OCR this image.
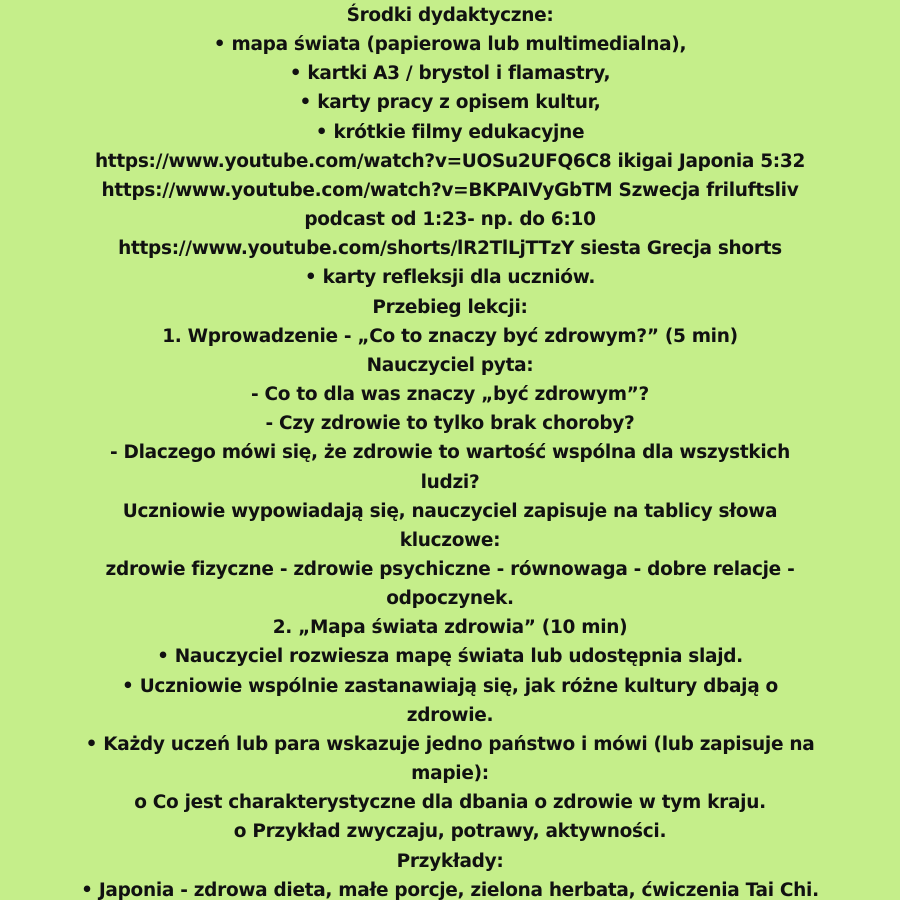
Środki dydaktyczne:
• mapa świata (papierowa lub multimedialna),
• kartki A3 / brystol i flamastry,
• karty pracy z opisem kultur,
• krótkie filmy edukacyjne
https://www.youtube.com/watch?v=UOSu2UFQ6C8 ikigai Japonia 5:32
https://www.youtube.com/watch?v=BKPAIVyGbTM Szwecja friluftsliv
podcast od 1:23- np. do 6:10
https://www.youtube.com/shorts/lR2TlLjTTzY siesta Grecja shorts
• karty refleksji dla uczniów.
Przebieg lekcji:
1. Wprowadzenie - „Co to znaczy być zdrowym?” (5 min)
Nauczyciel pyta:
- Co to dla was znaczy „być zdrowym”?
- Czy zdrowie to tylko brak choroby?
- Dlaczego mówi się, że zdrowie to wartość wspólna dla wszystkich
ludzi?
Uczniowie wypowiadają się, nauczyciel zapisuje na tablicy słowa
kluczowe:
zdrowie fizyczne - zdrowie psychiczne - równowaga - dobre relacje -
odpoczynek.
2. „Mapa świata zdrowia” (10 min)
• Nauczyciel rozwiesza mapę świata lub udostępnia slajd.
• Uczniowie wspólnie zastanawiają się, jak różne kultury dbają o
zdrowie.
• Każdy uczeń lub para wskazuje jedno państwo i mówi (lub zapisuje na
mapie):
o Co jest charakterystyczne dla dbania o zdrowie w tym kraju.
o Przykład zwyczaju, potrawy, aktywności.
Przykłady:
• Japonia - zdrowa dieta, małe porcje, zielona herbata, ćwiczenia Tai Chi.
